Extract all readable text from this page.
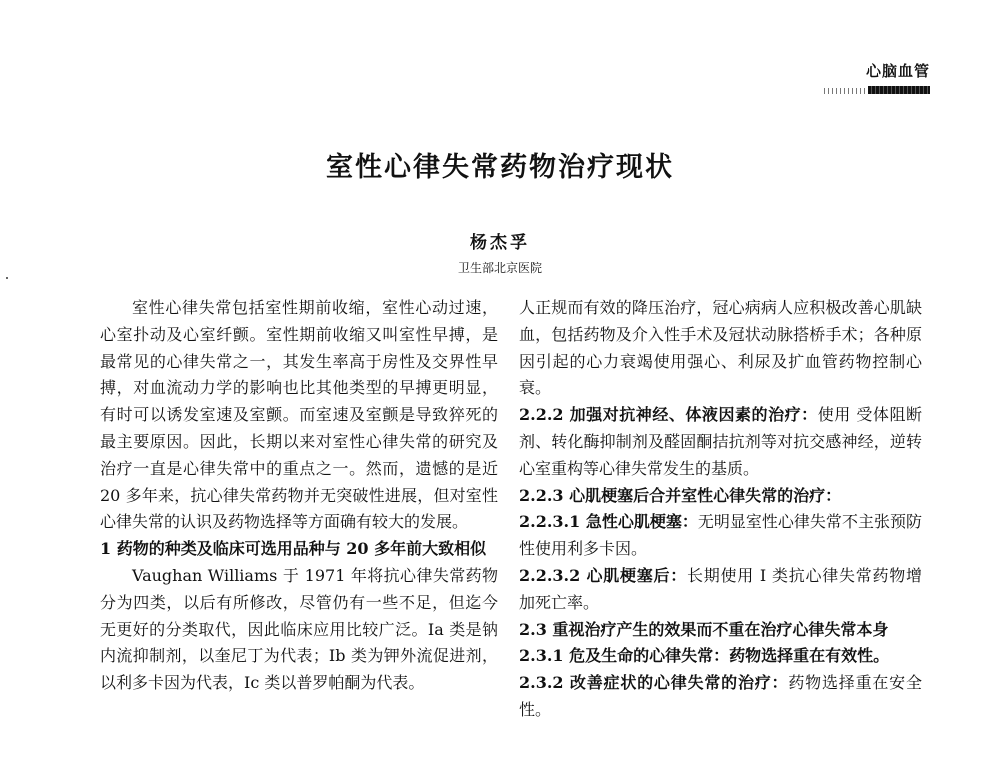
心脑血管
室性心律失常药物治疗现状
杨杰孚
卫生部北京医院

室性心律失常包括室性期前收缩，室性心动过速，心室扑动及心室纤颤。室性期前收缩又叫室性早搏，是最常见的心律失常之一，其发生率高于房性及交界性早搏，对血流动力学的影响也比其他类型的早搏更明显，有时可以诱发室速及室颤。而室速及室颤是导致猝死的最主要原因。因此，长期以来对室性心律失常的研究及治疗一直是心律失常中的重点之一。然而，遗憾的是近 20 多年来，抗心律失常药物并无突破性进展，但对室性心律失常的认识及药物选择等方面确有较大的发展。

1 药物的种类及临床可选用品种与 20 多年前大致相似

Vaughan Williams 于 1971 年将抗心律失常药物分为四类，以后有所修改，尽管仍有一些不足，但迄今无更好的分类取代，因此临床应用比较广泛。Ia 类是钠内流抑制剂，以奎尼丁为代表；Ib 类为钾外流促进剂，以利多卡因为代表，Ic 类以普罗帕酮为代表。

人正规而有效的降压治疗，冠心病病人应积极改善心肌缺血，包括药物及介入性手术及冠状动脉搭桥手术；各种原因引起的心力衰竭使用强心、利尿及扩血管药物控制心衰。

2.2.2 加强对抗神经、体液因素的治疗：使用 受体阻断剂、转化酶抑制剂及醛固酮拮抗剂等对抗交感神经，逆转心室重构等心律失常发生的基质。

2.2.3 心肌梗塞后合并室性心律失常的治疗：

2.2.3.1 急性心肌梗塞：无明显室性心律失常不主张预防性使用利多卡因。

2.2.3.2 心肌梗塞后：长期使用 I 类抗心律失常药物增加死亡率。

2.3 重视治疗产生的效果而不重在治疗心律失常本身

2.3.1 危及生命的心律失常：药物选择重在有效性。

2.3.2 改善症状的心律失常的治疗：药物选择重在安全性。
